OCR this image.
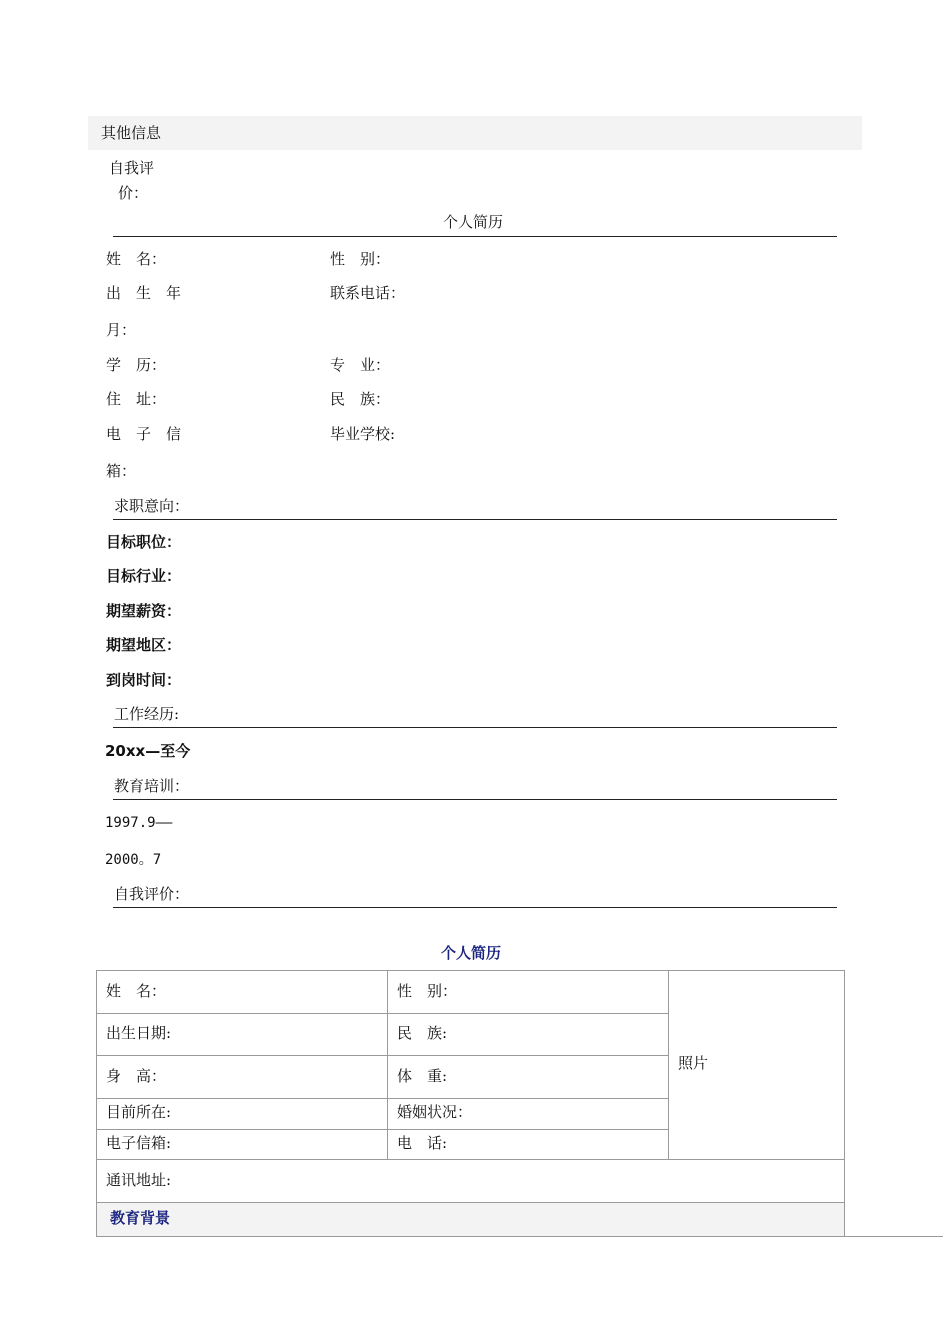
其他信息
自我评
价：
个人简历
姓　名：	性　别：
出　生　年	联系电话：
月：
学　历：	专　业：
住　址：	民　族：
电　子　信	毕业学校:
箱：
求职意向：
目标职位：
目标行业：
期望薪资：
期望地区：
到岗时间：
工作经历:
20xx—至今
教育培训：
1997.9——
2000。7
自我评价：
个人简历
姓　名：	性　别：
出生日期:	民　族:
身　高：	体　重:
目前所在:	婚姻状况：
电子信箱:	电　话:
照片
通讯地址:
教育背景
